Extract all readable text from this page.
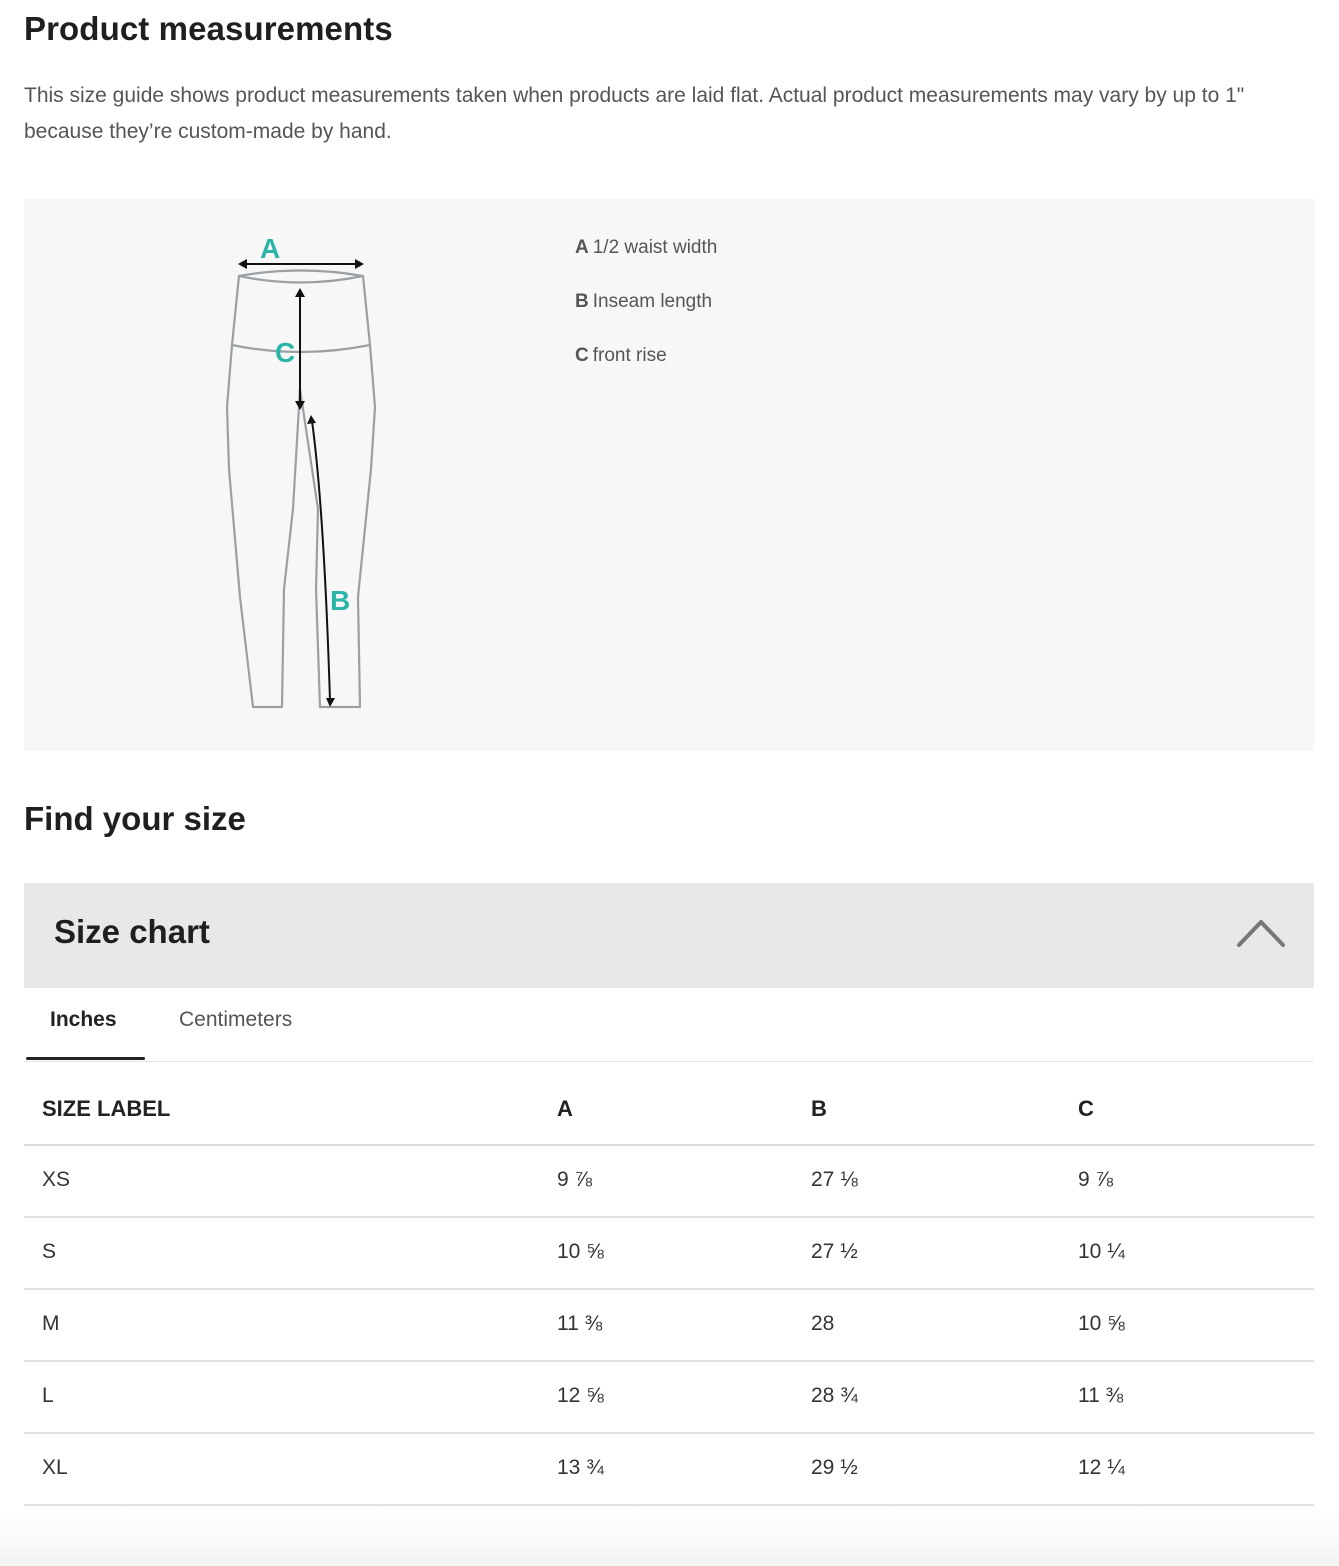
Product measurements

This size guide shows product measurements taken when products are laid flat. Actual product measurements may vary by up to 1" because they’re custom-made by hand.

A
C
B
A 1/2 waist width
B Inseam length
C front rise
Find your size
Size chart
Inches	Centimeters
SIZE LABEL	A	B	C
XS	9 ⅞	27 ⅛	9 ⅞
S	10 ⅝	27 ½	10 ¼
M	11 ⅜	28	10 ⅝
L	12 ⅝	28 ¾	11 ⅜
XL	13 ¾	29 ½	12 ¼
